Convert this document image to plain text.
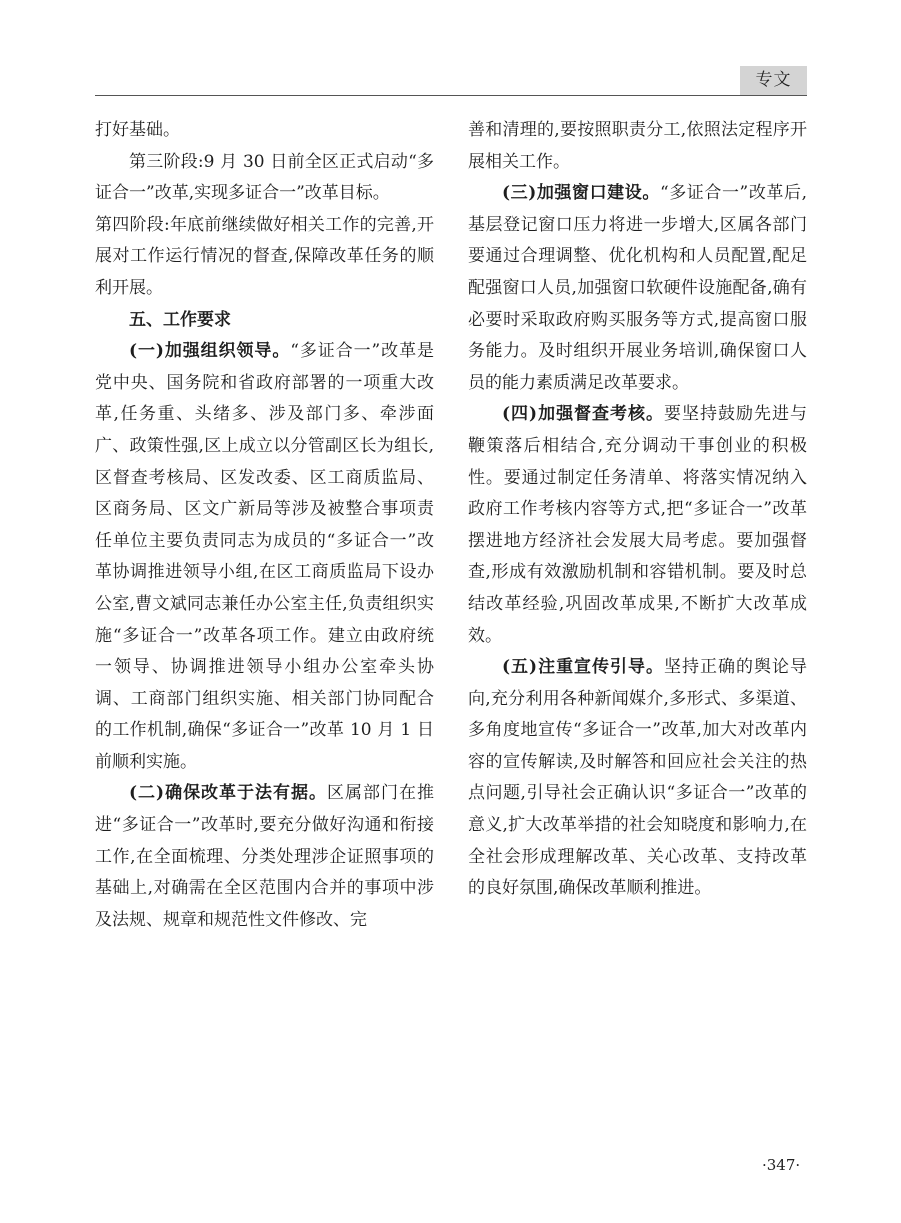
专文

打好基础。

第三阶段:9 月 30 日前全区正式启动“多证合一”改革,实现多证合一”改革目标。

第四阶段:年底前继续做好相关工作的完善,开展对工作运行情况的督查,保障改革任务的顺利开展。

五、工作要求

(一)加强组织领导。“多证合一”改革是党中央、国务院和省政府部署的一项重大改革,任务重、头绪多、涉及部门多、牵涉面广、政策性强,区上成立以分管副区长为组长,区督查考核局、区发改委、区工商质监局、区商务局、区文广新局等涉及被整合事项责任单位主要负责同志为成员的“多证合一”改革协调推进领导小组,在区工商质监局下设办公室,曹文斌同志兼任办公室主任,负责组织实施“多证合一”改革各项工作。建立由政府统一领导、协调推进领导小组办公室牵头协调、工商部门组织实施、相关部门协同配合的工作机制,确保“多证合一”改革 10 月 1 日前顺利实施。

(二)确保改革于法有据。区属部门在推进“多证合一”改革时,要充分做好沟通和衔接工作,在全面梳理、分类处理涉企证照事项的基础上,对确需在全区范围内合并的事项中涉及法规、规章和规范性文件修改、完

善和清理的,要按照职责分工,依照法定程序开展相关工作。

(三)加强窗口建设。“多证合一”改革后,基层登记窗口压力将进一步增大,区属各部门要通过合理调整、优化机构和人员配置,配足配强窗口人员,加强窗口软硬件设施配备,确有必要时采取政府购买服务等方式,提高窗口服务能力。及时组织开展业务培训,确保窗口人员的能力素质满足改革要求。

(四)加强督查考核。要坚持鼓励先进与鞭策落后相结合,充分调动干事创业的积极性。要通过制定任务清单、将落实情况纳入政府工作考核内容等方式,把“多证合一”改革摆进地方经济社会发展大局考虑。要加强督查,形成有效激励机制和容错机制。要及时总结改革经验,巩固改革成果,不断扩大改革成效。

(五)注重宣传引导。坚持正确的舆论导向,充分利用各种新闻媒介,多形式、多渠道、多角度地宣传“多证合一”改革,加大对改革内容的宣传解读,及时解答和回应社会关注的热点问题,引导社会正确认识“多证合一”改革的意义,扩大改革举措的社会知晓度和影响力,在全社会形成理解改革、关心改革、支持改革的良好氛围,确保改革顺利推进。

·347·
